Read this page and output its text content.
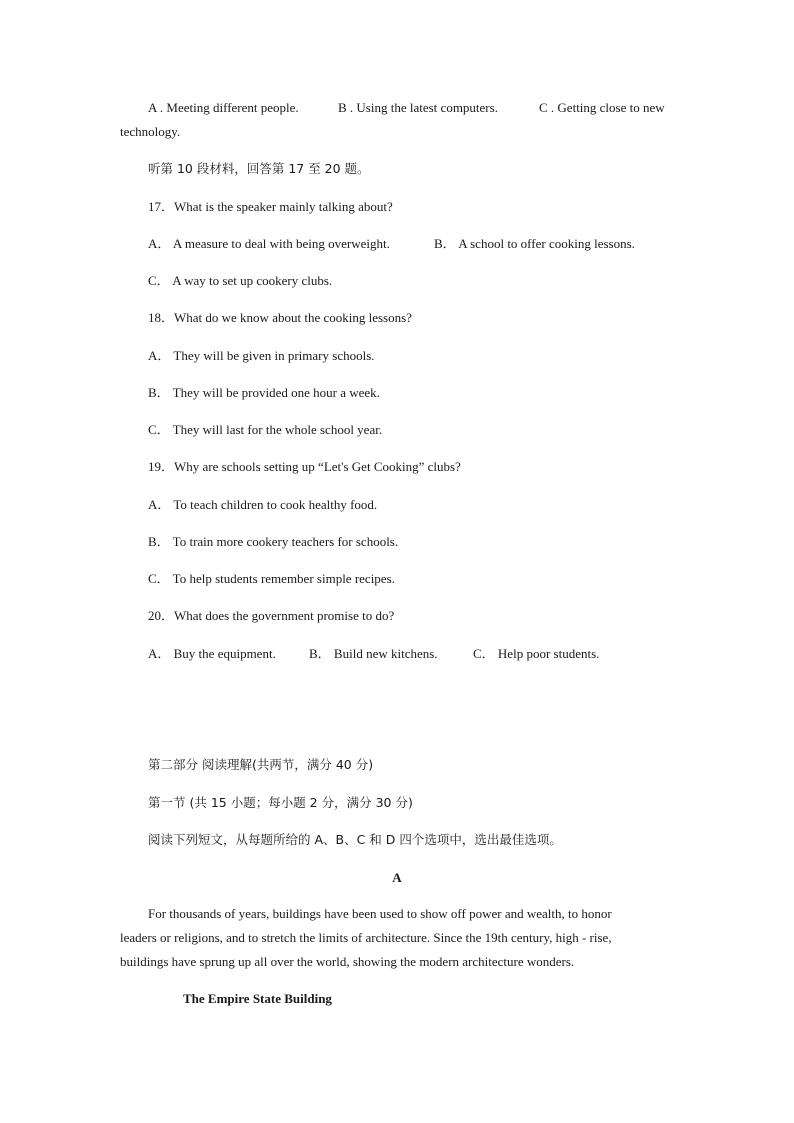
A . Meeting different people.	B . Using the latest computers.	C . Getting close to new
technology.
听第 10 段材料，回答第 17 至 20 题。
17．What is the speaker mainly talking about?
A． A measure to deal with being overweight.	B． A school to offer cooking lessons.
C． A way to set up cookery clubs.
18．What do we know about the cooking lessons?
A． They will be given in primary schools.
B． They will be provided one hour a week.
C． They will last for the whole school year.
19．Why are schools setting up “Let's Get Cooking” clubs?
A． To teach children to cook healthy food.
B． To train more cookery teachers for schools.
C． To help students remember simple recipes.
20．What does the government promise to do?
A． Buy the equipment.	B． Build new kitchens.	C． Help poor students.
第二部分 阅读理解(共两节，满分 40 分)
第一节 (共 15 小题；每小题 2 分，满分 30 分)
阅读下列短文，从每题所给的 A、B、C 和 D 四个选项中，选出最佳选项。
A
For thousands of years, buildings have been used to show off power and wealth, to honor
leaders or religions, and to stretch the limits of architecture. Since the 19th century, high - rise,
buildings have sprung up all over the world, showing the modern architecture wonders.
The Empire State Building
